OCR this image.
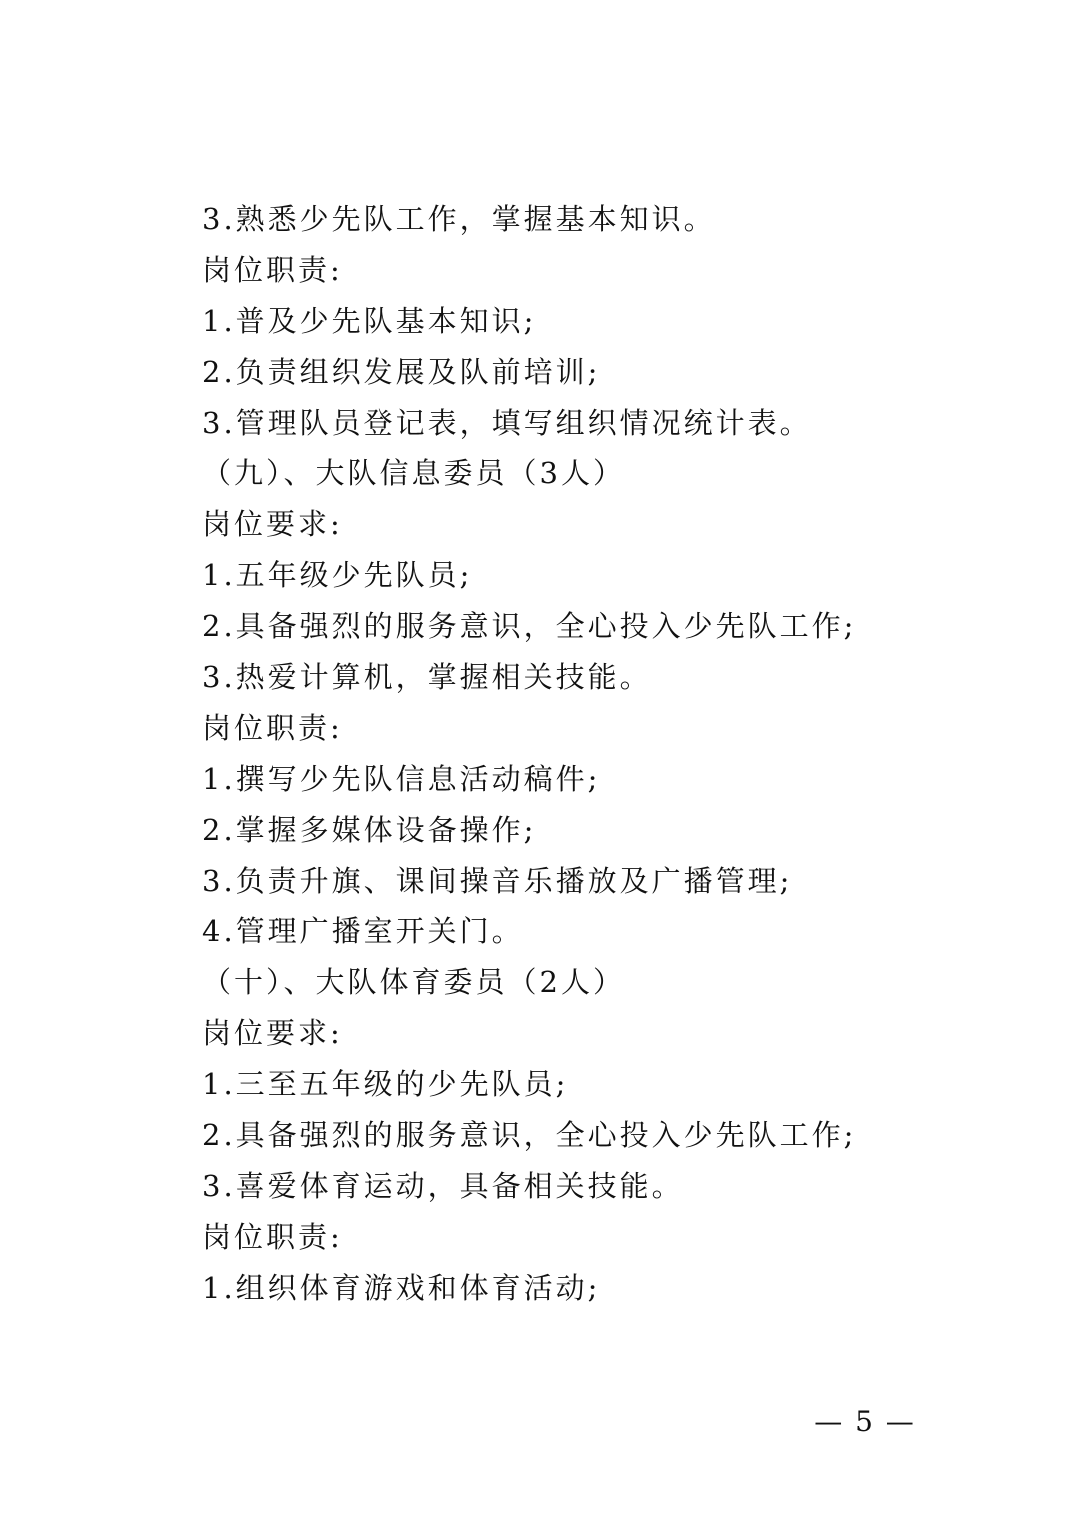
3.熟悉少先队工作，掌握基本知识。
岗位职责:
1.普及少先队基本知识;
2.负责组织发展及队前培训;
3.管理队员登记表，填写组织情况统计表。
（九）、大队信息委员（3人）
岗位要求:
1.五年级少先队员;
2.具备强烈的服务意识，全心投入少先队工作;
3.热爱计算机，掌握相关技能。
岗位职责:
1.撰写少先队信息活动稿件;
2.掌握多媒体设备操作;
3.负责升旗、课间操音乐播放及广播管理;
4.管理广播室开关门。
（十）、大队体育委员（2人）
岗位要求:
1.三至五年级的少先队员;
2.具备强烈的服务意识，全心投入少先队工作;
3.喜爱体育运动，具备相关技能。
岗位职责:
1.组织体育游戏和体育活动;
— 5 —
